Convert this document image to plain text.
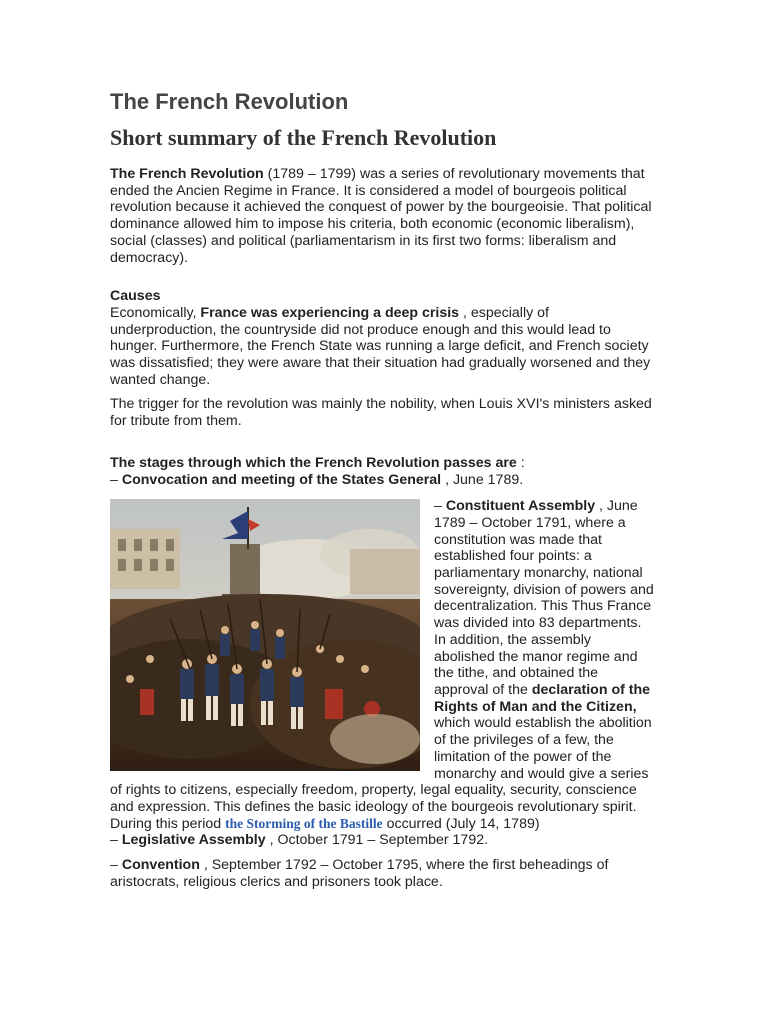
The French Revolution
Short summary of the French Revolution

The French Revolution (1789 – 1799) was a series of revolutionary movements that ended the Ancien Regime in France. It is considered a model of bourgeois political revolution because it achieved the conquest of power by the bourgeoisie. That political dominance allowed him to impose his criteria, both economic (economic liberalism), social (classes) and political (parliamentarism in its first two forms: liberalism and democracy).

Causes

Economically, France was experiencing a deep crisis , especially of underproduction, the countryside did not produce enough and this would lead to hunger. Furthermore, the French State was running a large deficit, and French society was dissatisfied; they were aware that their situation had gradually worsened and they wanted change.

The trigger for the revolution was mainly the nobility, when Louis XVI's ministers asked for tribute from them.

The stages through which the French Revolution passes are :
– Convocation and meeting of the States General , June 1789.

– Constituent Assembly , June 1789 – October 1791, where a constitution was made that established four points: a parliamentary monarchy, national sovereignty, division of powers and decentralization. This Thus France was divided into 83 departments. In addition, the assembly abolished the manor regime and the tithe, and obtained the approval of the declaration of the Rights of Man and the Citizen, which would establish the abolition of the privileges of a few, the limitation of the power of the monarchy and would give a series of rights to citizens, especially freedom, property, legal equality, security, conscience and expression. This defines the basic ideology of the bourgeois revolutionary spirit. During this period the Storming of the Bastille occurred (July 14, 1789)
– Legislative Assembly , October 1791 – September 1792.

– Convention , September 1792 – October 1795, where the first beheadings of aristocrats, religious clerics and prisoners took place.
